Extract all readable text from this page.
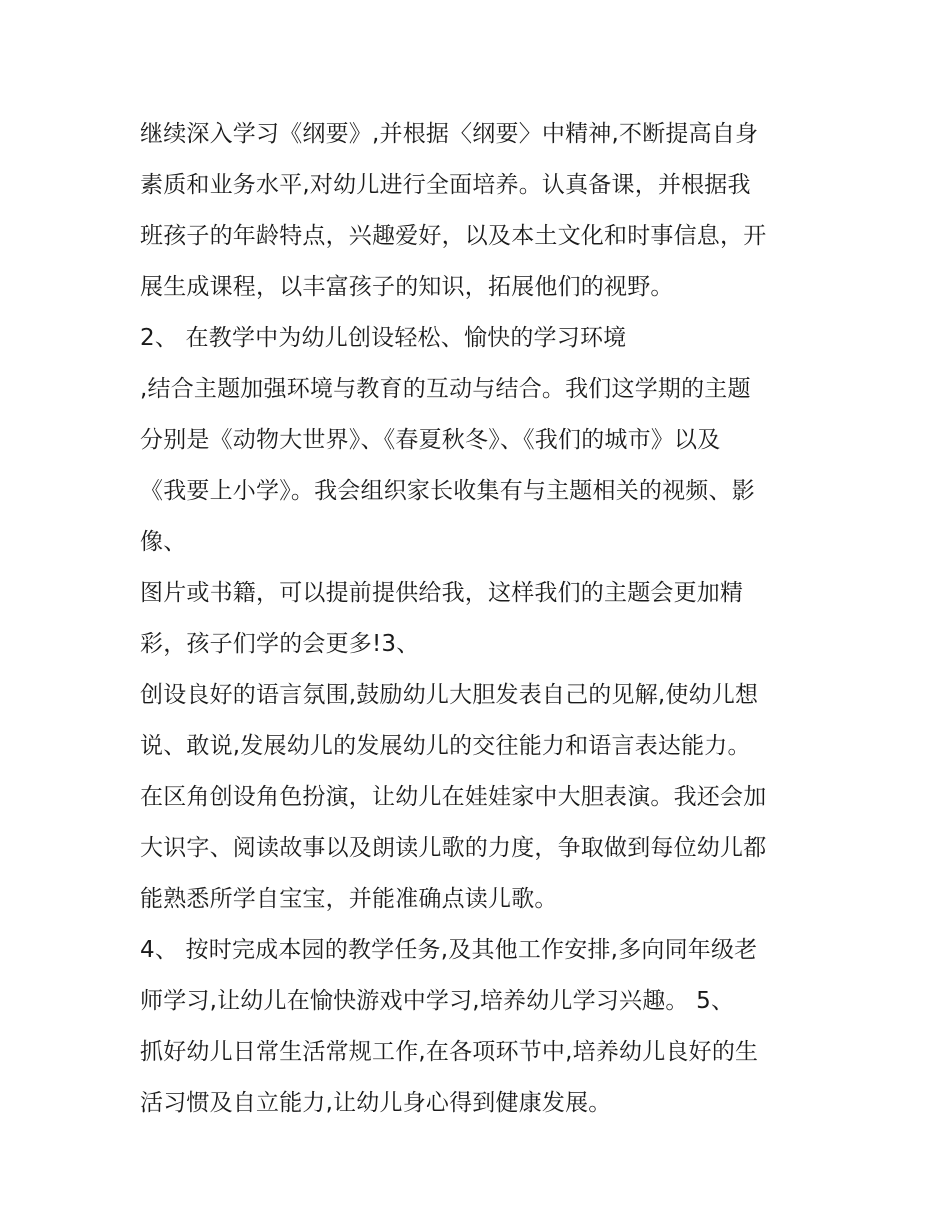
继续深入学习《纲要》,并根据〈纲要〉中精神,不断提高自身
素质和业务水平,对幼儿进行全面培养。认真备课，并根据我
班孩子的年龄特点，兴趣爱好，以及本土文化和时事信息，开
展生成课程，以丰富孩子的知识，拓展他们的视野。
2、 在教学中为幼儿创设轻松、愉快的学习环境
,结合主题加强环境与教育的互动与结合。我们这学期的主题
分别是《动物大世界》、《春夏秋冬》、《我们的城市》以及
《我要上小学》。我会组织家长收集有与主题相关的视频、影
像、
图片或书籍，可以提前提供给我，这样我们的主题会更加精
彩，孩子们学的会更多!3、
创设良好的语言氛围,鼓励幼儿大胆发表自己的见解,使幼儿想
说、敢说,发展幼儿的发展幼儿的交往能力和语言表达能力。
在区角创设角色扮演，让幼儿在娃娃家中大胆表演。我还会加
大识字、阅读故事以及朗读儿歌的力度，争取做到每位幼儿都
能熟悉所学自宝宝，并能准确点读儿歌。
4、 按时完成本园的教学任务,及其他工作安排,多向同年级老
师学习,让幼儿在愉快游戏中学习,培养幼儿学习兴趣。 5、
抓好幼儿日常生活常规工作,在各项环节中,培养幼儿良好的生
活习惯及自立能力,让幼儿身心得到健康发展。
